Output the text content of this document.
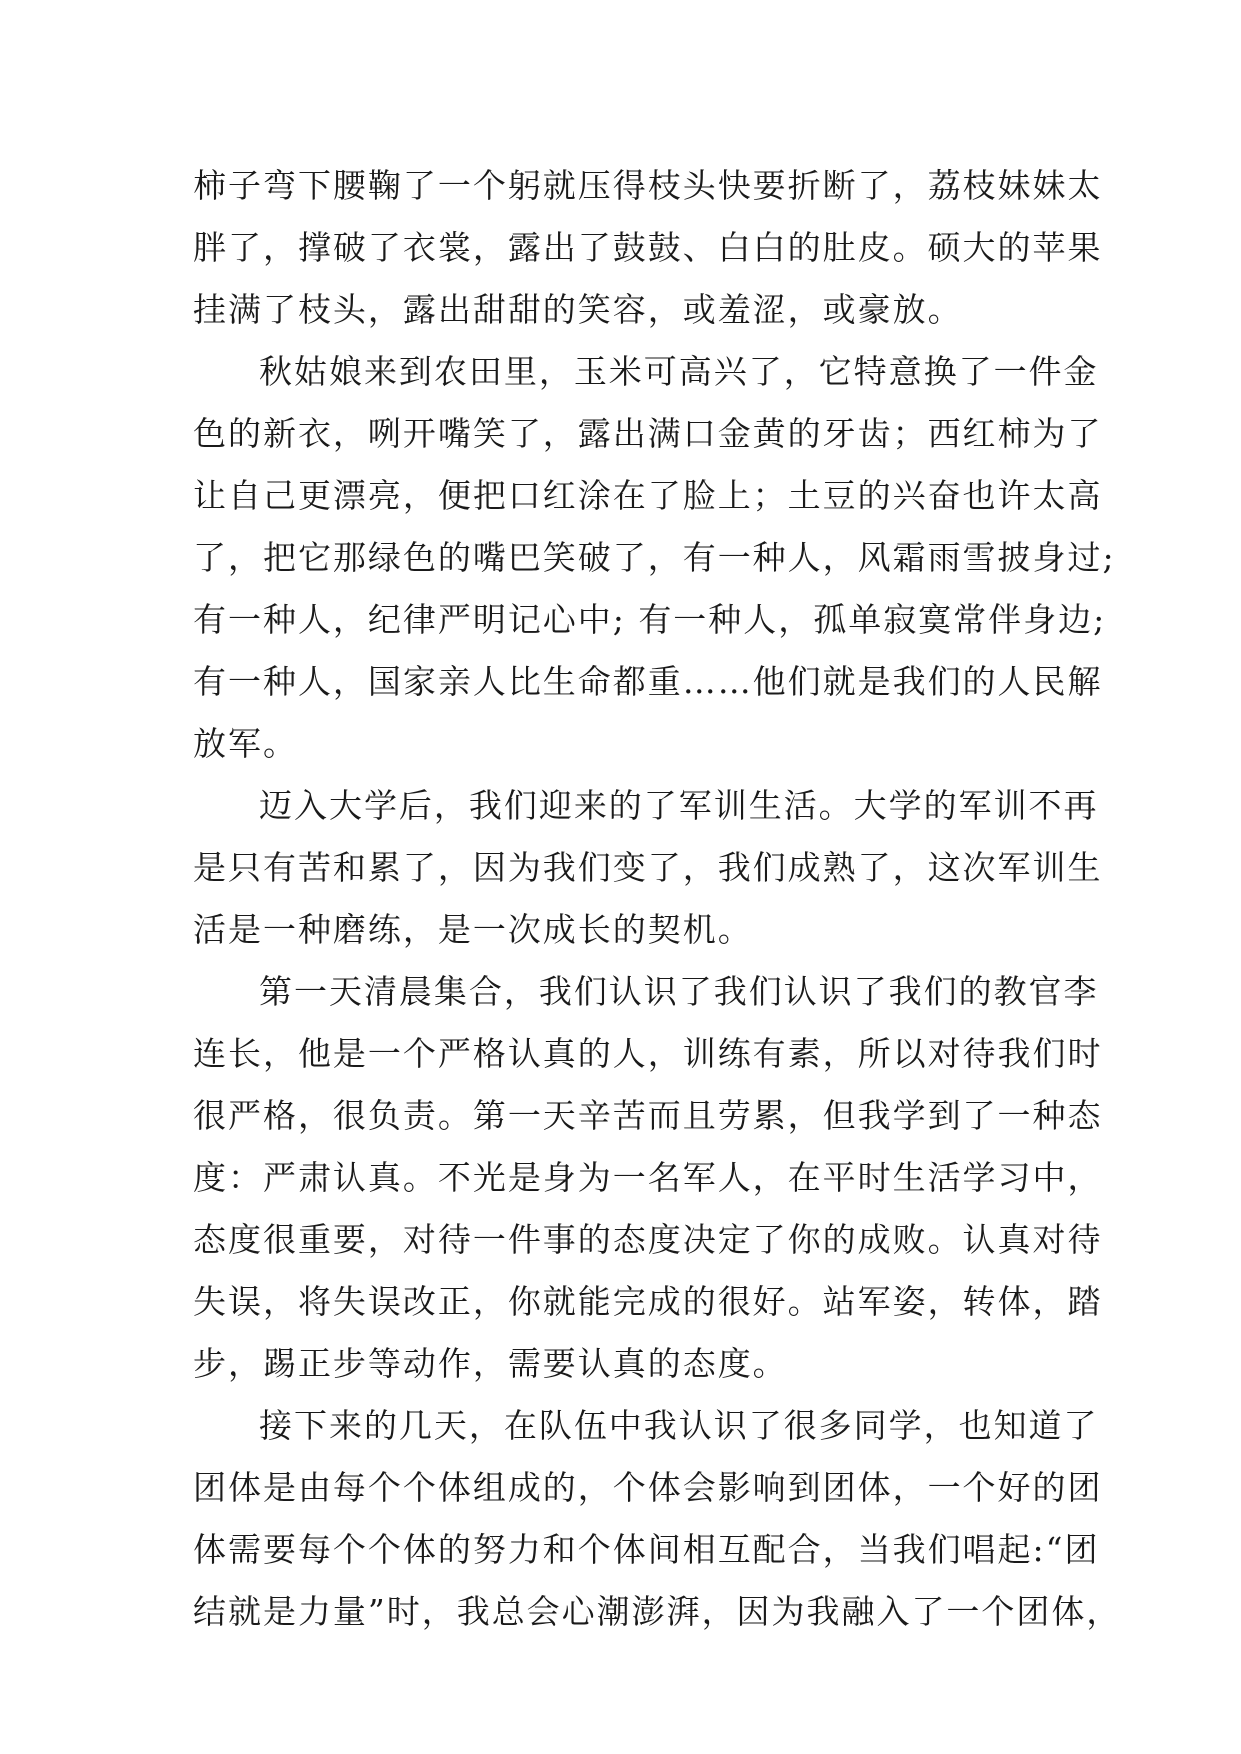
柿子弯下腰鞠了一个躬就压得枝头快要折断了，荔枝妹妹太
胖了，撑破了衣裳，露出了鼓鼓、白白的肚皮。硕大的苹果
挂满了枝头，露出甜甜的笑容，或羞涩，或豪放。
秋姑娘来到农田里，玉米可高兴了，它特意换了一件金
色的新衣，咧开嘴笑了，露出满口金黄的牙齿；西红柿为了
让自己更漂亮，便把口红涂在了脸上；土豆的兴奋也许太高
了，把它那绿色的嘴巴笑破了，有一种人，风霜雨雪披身过;
有一种人，纪律严明记心中; 有一种人，孤单寂寞常伴身边;
有一种人，国家亲人比生命都重……他们就是我们的人民解
放军。
迈入大学后，我们迎来的了军训生活。大学的军训不再
是只有苦和累了，因为我们变了，我们成熟了，这次军训生
活是一种磨练，是一次成长的契机。
第一天清晨集合，我们认识了我们认识了我们的教官李
连长，他是一个严格认真的人，训练有素，所以对待我们时
很严格，很负责。第一天辛苦而且劳累，但我学到了一种态
度：严肃认真。不光是身为一名军人，在平时生活学习中，
态度很重要，对待一件事的态度决定了你的成败。认真对待
失误，将失误改正，你就能完成的很好。站军姿，转体，踏
步，踢正步等动作，需要认真的态度。
接下来的几天，在队伍中我认识了很多同学，也知道了
团体是由每个个体组成的，个体会影响到团体，一个好的团
体需要每个个体的努力和个体间相互配合，当我们唱起:“团
结就是力量”时，我总会心潮澎湃，因为我融入了一个团体，
